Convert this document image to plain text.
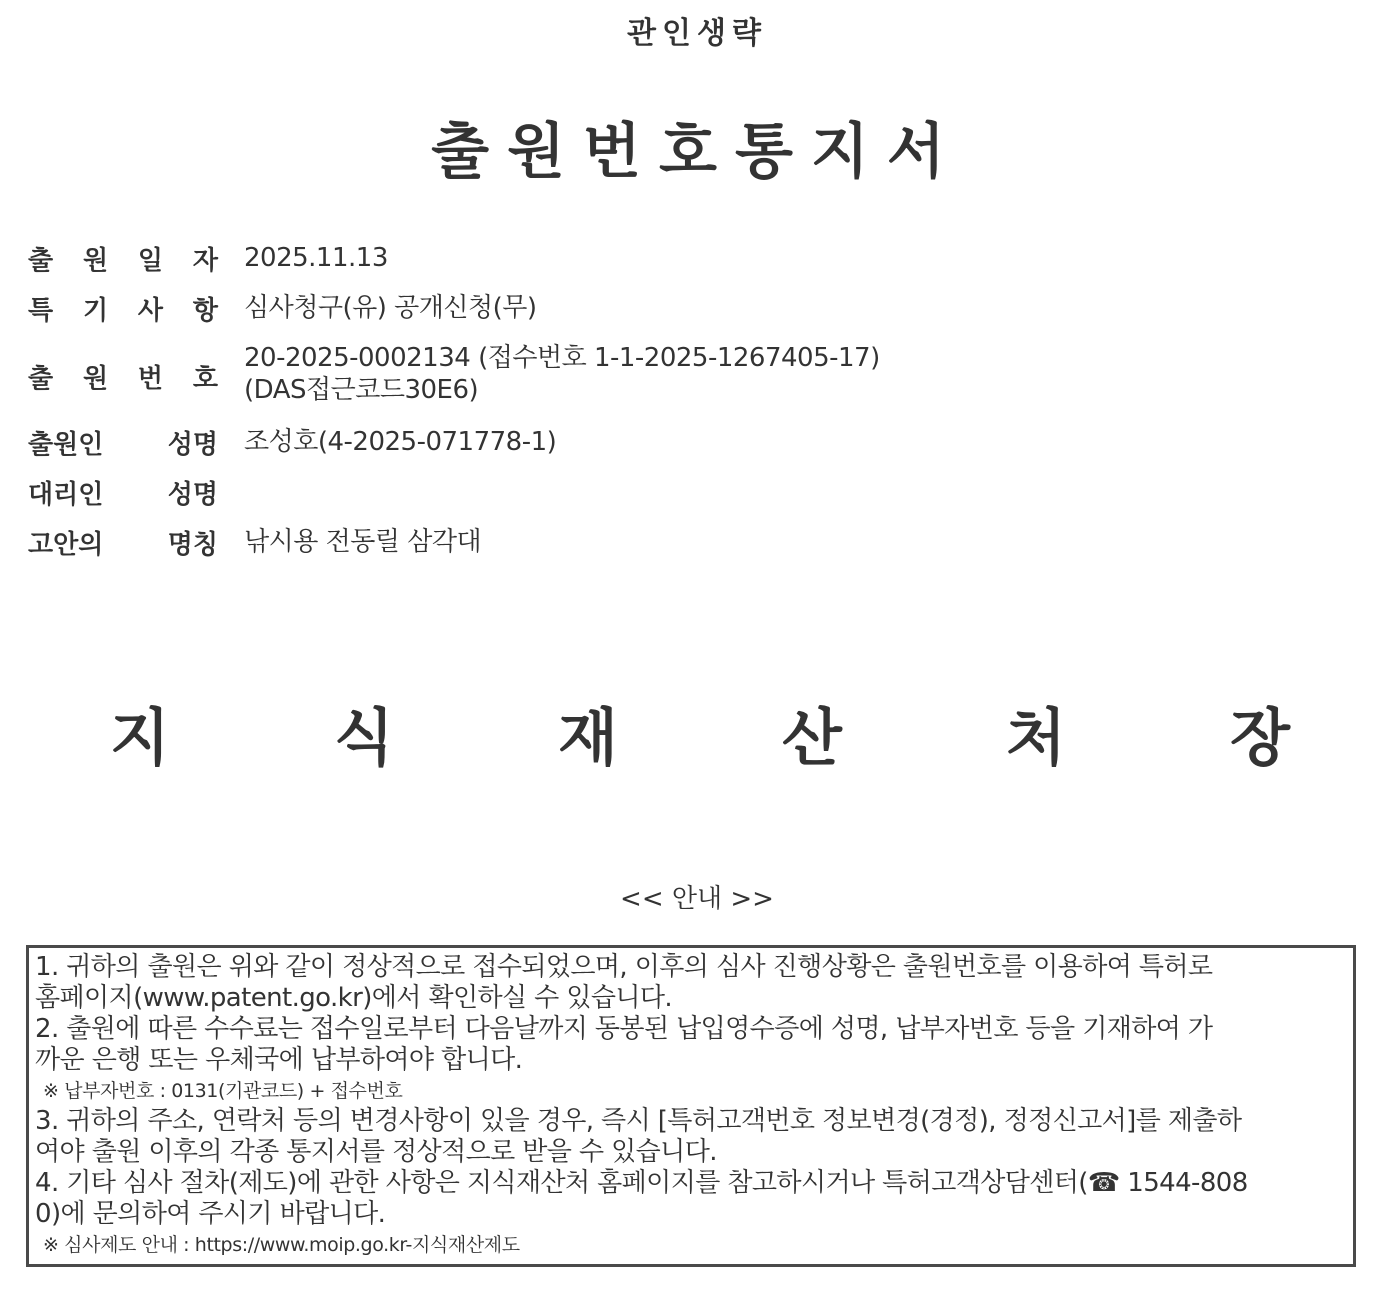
관인생략
출원번호통지서
출 원 일 자 2025.11.13
특 기 사 항 심사청구(유) 공개신청(무)
출 원 번 호
20-2025-0002134 (접수번호 1-1-2025-1267405-17)
(DAS접근코드30E6)
출원인 성명 조성호(4-2025-071778-1)
대리인 성명
고안의 명칭 낚시용 전동릴 삼각대
지	식	재	산	처	장
<< 안내 >>
1. 귀하의 출원은 위와 같이 정상적으로 접수되었으며, 이후의 심사 진행상황은 출원번호를 이용하여 특허로
홈페이지(www.patent.go.kr)에서 확인하실 수 있습니다.
2. 출원에 따른 수수료는 접수일로부터 다음날까지 동봉된 납입영수증에 성명, 납부자번호 등을 기재하여 가
까운 은행 또는 우체국에 납부하여야 합니다.
※ 납부자번호 : 0131(기관코드) + 접수번호
3. 귀하의 주소, 연락처 등의 변경사항이 있을 경우, 즉시 [특허고객번호 정보변경(경정), 정정신고서]를 제출하
여야 출원 이후의 각종 통지서를 정상적으로 받을 수 있습니다.
4. 기타 심사 절차(제도)에 관한 사항은 지식재산처 홈페이지를 참고하시거나 특허고객상담센터(☎ 1544-808
0)에 문의하여 주시기 바랍니다.
※ 심사제도 안내 : https://www.moip.go.kr-지식재산제도
